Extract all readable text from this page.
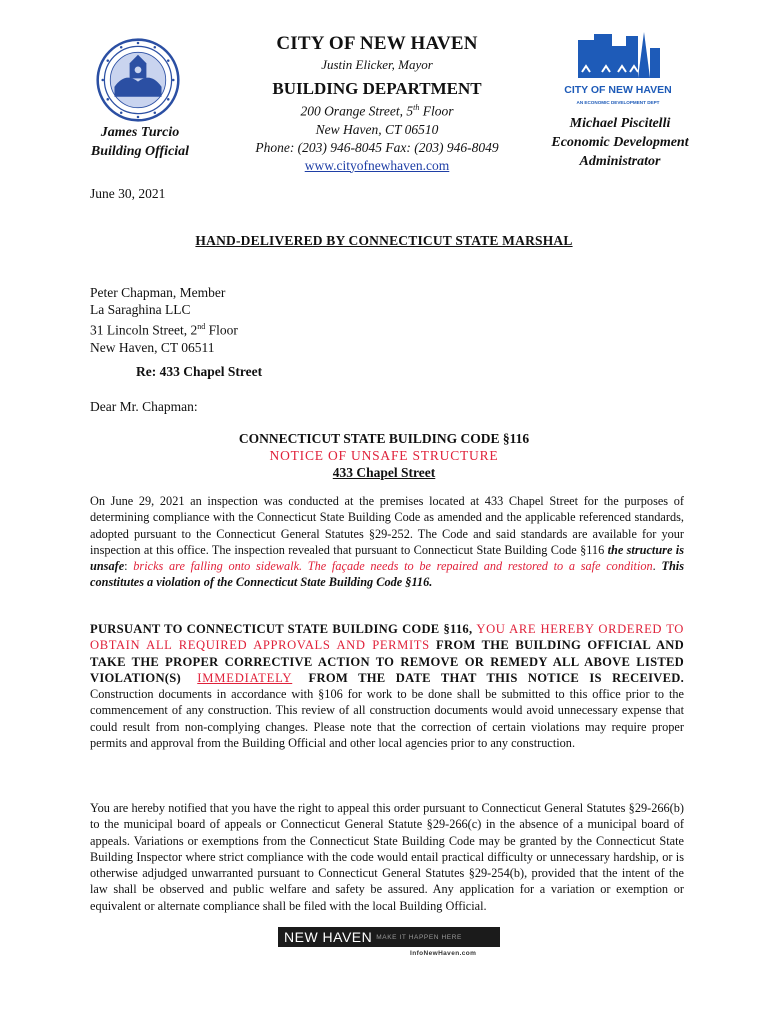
James Turcio
Building Official
CITY OF NEW HAVEN
Justin Elicker, Mayor
BUILDING DEPARTMENT
200 Orange Street, 5th Floor
New Haven, CT 06510
Phone: (203) 946-8045 Fax: (203) 946-8049
www.cityofnewhaven.com
CITY OF NEW HAVEN
AN ECONOMIC DEVELOPMENT DEPT
Michael Piscitelli
Economic Development
Administrator
June 30, 2021
HAND-DELIVERED BY CONNECTICUT STATE MARSHAL
Peter Chapman, Member
La Saraghina LLC
31 Lincoln Street, 2nd Floor
New Haven, CT 06511
Re: 433 Chapel Street
Dear Mr. Chapman:
CONNECTICUT STATE BUILDING CODE §116
NOTICE OF UNSAFE STRUCTURE
433 Chapel Street
On June 29, 2021 an inspection was conducted at the premises located at 433 Chapel Street for the purposes of determining compliance with the Connecticut State Building Code as amended and the applicable referenced standards, adopted pursuant to the Connecticut General Statutes §29-252. The Code and said standards are available for your inspection at this office. The inspection revealed that pursuant to Connecticut State Building Code §116 the structure is unsafe: bricks are falling onto sidewalk. The façade needs to be repaired and restored to a safe condition. This constitutes a violation of the Connecticut State Building Code §116.
PURSUANT TO CONNECTICUT STATE BUILDING CODE §116, YOU ARE HEREBY ORDERED TO OBTAIN ALL REQUIRED APPROVALS AND PERMITS FROM THE BUILDING OFFICIAL AND TAKE THE PROPER CORRECTIVE ACTION TO REMOVE OR REMEDY ALL ABOVE LISTED VIOLATION(S) IMMEDIATELY FROM THE DATE THAT THIS NOTICE IS RECEIVED. Construction documents in accordance with §106 for work to be done shall be submitted to this office prior to the commencement of any construction. This review of all construction documents would avoid unnecessary expense that could result from non-complying changes. Please note that the correction of certain violations may require proper permits and approval from the Building Official and other local agencies prior to any construction.
You are hereby notified that you have the right to appeal this order pursuant to Connecticut General Statutes §29-266(b) to the municipal board of appeals or Connecticut General Statute §29-266(c) in the absence of a municipal board of appeals. Variations or exemptions from the Connecticut State Building Code may be granted by the Connecticut State Building Inspector where strict compliance with the code would entail practical difficulty or unnecessary hardship, or is otherwise adjudged unwarranted pursuant to Connecticut General Statutes §29-254(b), provided that the intent of the law shall be observed and public welfare and safety be assured. Any application for a variation or exemption or equivalent or alternate compliance shall be filed with the local Building Official.
NEW HAVEN MAKE IT HAPPEN HERE
InfoNewHaven.com
